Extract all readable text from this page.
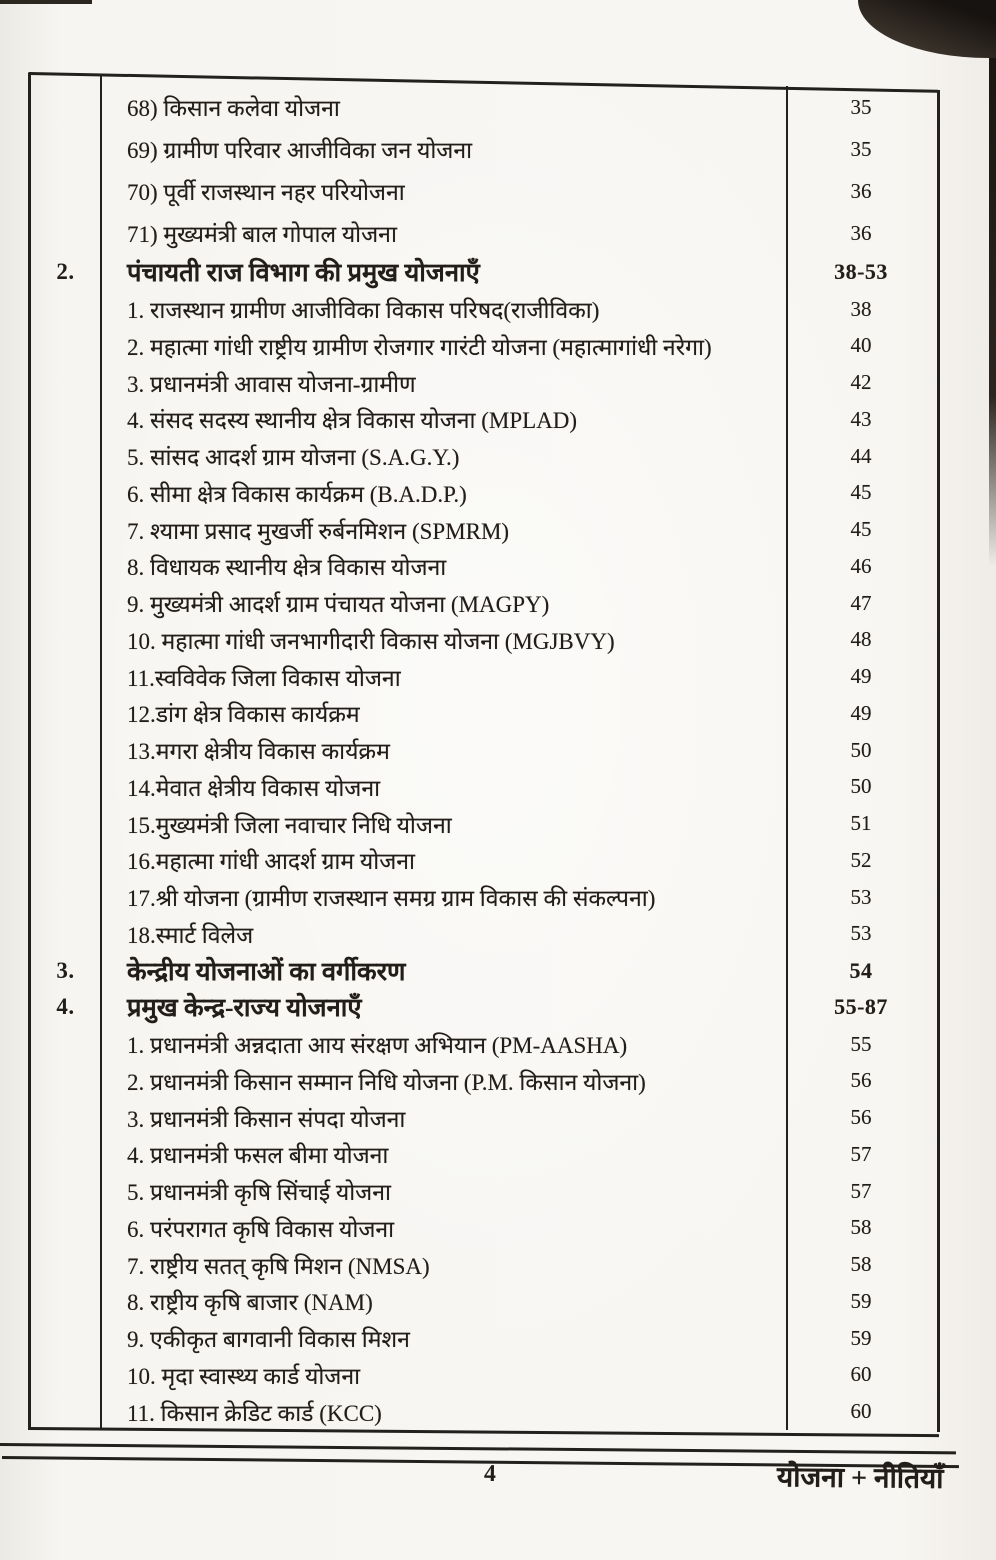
68) किसान कलेवा योजना	35
69) ग्रामीण परिवार आजीविका जन योजना	35
70) पूर्वी राजस्थान नहर परियोजना	36
71) मुख्यमंत्री बाल गोपाल योजना	36
2.	पंचायती राज विभाग की प्रमुख योजनाएँ	38-53
1. राजस्थान ग्रामीण आजीविका विकास परिषद(राजीविका)	38
2. महात्मा गांधी राष्ट्रीय ग्रामीण रोजगार गारंटी योजना (महात्मागांधी नरेगा)	40
3. प्रधानमंत्री आवास योजना-ग्रामीण	42
4. संसद सदस्य स्थानीय क्षेत्र विकास योजना (MPLAD)	43
5. सांसद आदर्श ग्राम योजना (S.A.G.Y.)	44
6. सीमा क्षेत्र विकास कार्यक्रम (B.A.D.P.)	45
7. श्यामा प्रसाद मुखर्जी रुर्बनमिशन (SPMRM)	45
8. विधायक स्थानीय क्षेत्र विकास योजना	46
9. मुख्यमंत्री आदर्श ग्राम पंचायत योजना (MAGPY)	47
10. महात्मा गांधी जनभागीदारी विकास योजना (MGJBVY)	48
11.स्वविवेक जिला विकास योजना	49
12.डांग क्षेत्र विकास कार्यक्रम	49
13.मगरा क्षेत्रीय विकास कार्यक्रम	50
14.मेवात क्षेत्रीय विकास योजना	50
15.मुख्यमंत्री जिला नवाचार निधि योजना	51
16.महात्मा गांधी आदर्श ग्राम योजना	52
17.श्री योजना (ग्रामीण राजस्थान समग्र ग्राम विकास की संकल्पना)	53
18.स्मार्ट विलेज	53
3.	केन्द्रीय योजनाओं का वर्गीकरण	54
4.	प्रमुख केन्द्र-राज्य योजनाएँ	55-87
1. प्रधानमंत्री अन्नदाता आय संरक्षण अभियान (PM-AASHA)	55
2. प्रधानमंत्री किसान सम्मान निधि योजना (P.M. किसान योजना)	56
3. प्रधानमंत्री किसान संपदा योजना	56
4. प्रधानमंत्री फसल बीमा योजना	57
5. प्रधानमंत्री कृषि सिंचाई योजना	57
6. परंपरागत कृषि विकास योजना	58
7. राष्ट्रीय सतत् कृषि मिशन (NMSA)	58
8. राष्ट्रीय कृषि बाजार (NAM)	59
9. एकीकृत बागवानी विकास मिशन	59
10. मृदा स्वास्थ्य कार्ड योजना	60
11. किसान क्रेडिट कार्ड (KCC)	60
4	योजना + नीतियाँ
